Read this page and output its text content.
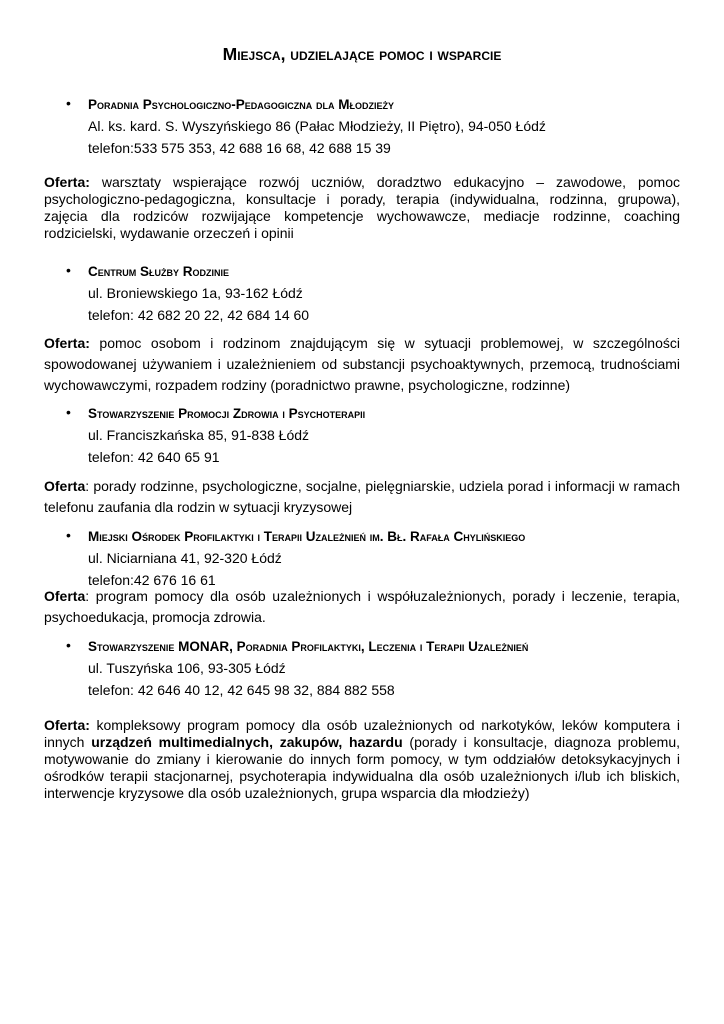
Miejsca, udzielające pomoc i wsparcie
• Poradnia Psychologiczno-Pedagogiczna dla Młodzieży
Al. ks. kard. S. Wyszyńskiego 86 (Pałac Młodzieży, II Piętro), 94-050 Łódź
telefon:533 575 353, 42 688 16 68, 42 688 15 39

Oferta: warsztaty wspierające rozwój uczniów, doradztwo edukacyjno – zawodowe, pomoc psychologiczno-pedagogiczna, konsultacje i porady, terapia (indywidualna, rodzinna, grupowa), zajęcia dla rodziców rozwijające kompetencje wychowawcze, mediacje rodzinne, coaching rodzicielski, wydawanie orzeczeń i opinii

• Centrum Służby Rodzinie
ul. Broniewskiego 1a, 93-162 Łódź
telefon: 42 682 20 22, 42 684 14 60

Oferta: pomoc osobom i rodzinom znajdującym się w sytuacji problemowej, w szczególności spowodowanej używaniem i uzależnieniem od substancji psychoaktywnych, przemocą, trudnościami wychowawczymi, rozpadem rodziny (poradnictwo prawne, psychologiczne, rodzinne)

• Stowarzyszenie Promocji Zdrowia i Psychoterapii
ul. Franciszkańska 85, 91-838 Łódź
telefon: 42 640 65 91

Oferta: porady rodzinne, psychologiczne, socjalne, pielęgniarskie, udziela porad i informacji w ramach telefonu zaufania dla rodzin w sytuacji kryzysowej

• Miejski Ośrodek Profilaktyki i Terapii Uzależnień im. Bł. Rafała Chylińskiego
ul. Niciarniana 41, 92-320 Łódź
telefon:42 676 16 61

Oferta: program pomocy dla osób uzależnionych i współuzależnionych, porady i leczenie, terapia, psychoedukacja, promocja zdrowia.

• Stowarzyszenie MONAR, Poradnia Profilaktyki, Leczenia i Terapii Uzależnień
ul. Tuszyńska 106, 93-305 Łódź
telefon: 42 646 40 12, 42 645 98 32, 884 882 558

Oferta: kompleksowy program pomocy dla osób uzależnionych od narkotyków, leków komputera i innych urządzeń multimedialnych, zakupów, hazardu (porady i konsultacje, diagnoza problemu, motywowanie do zmiany i kierowanie do innych form pomocy, w tym oddziałów detoksykacyjnych i ośrodków terapii stacjonarnej, psychoterapia indywidualna dla osób uzależnionych i/lub ich bliskich, interwencje kryzysowe dla osób uzależnionych, grupa wsparcia dla młodzieży)
